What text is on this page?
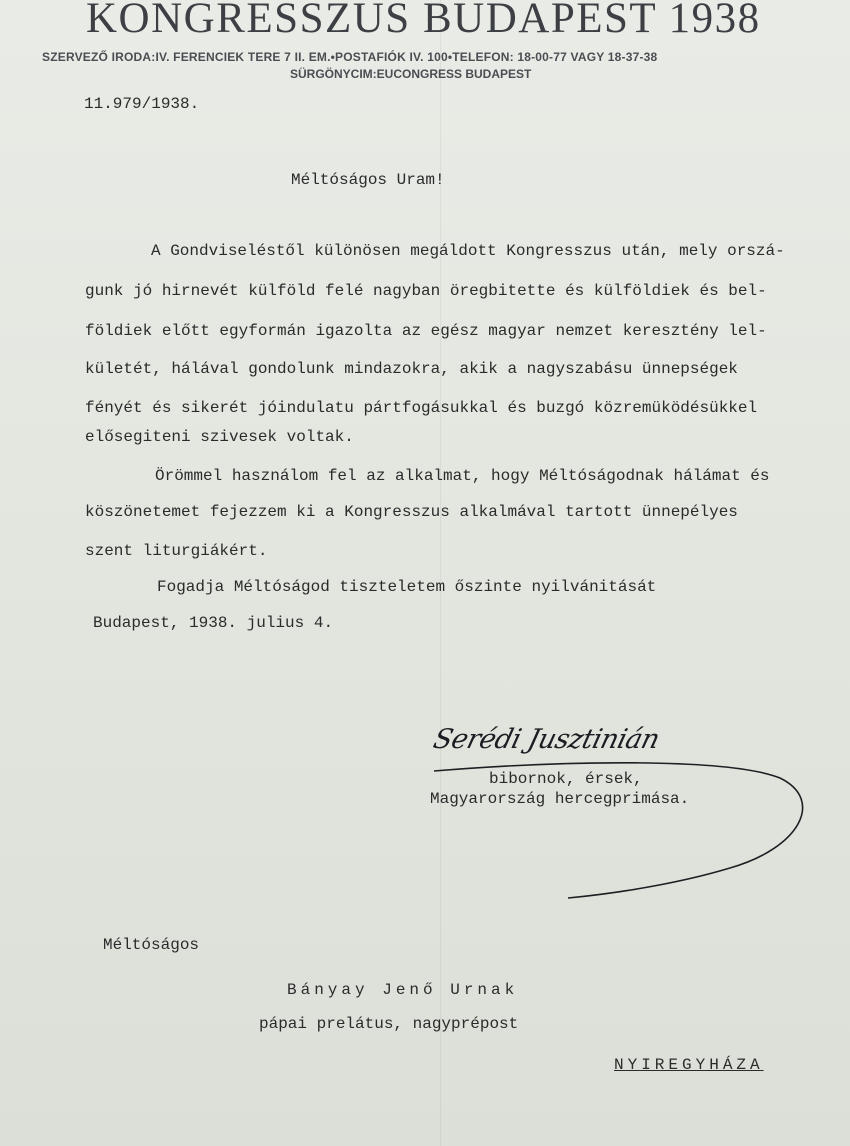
KONGRESSZUS BUDAPEST 1938
SZERVEZŐ IRODA:IV. FERENCIEK TERE 7 II. EM.•POSTAFIÓK IV. 100•TELEFON: 18-00-77 VAGY 18-37-38
SÜRGÖNYCIM:EUCONGRESS BUDAPEST
11.979/1938.
Méltóságos Uram!
A Gondviseléstől különösen megáldott Kongresszus után, mely orszá-
gunk jó hirnevét külföld felé nagyban öregbitette és külföldiek és bel-
földiek előtt egyformán igazolta az egész magyar nemzet keresztény lel-
kületét, hálával gondolunk mindazokra, akik a nagyszabásu ünnepségek
fényét és sikerét jóindulatu pártfogásukkal és buzgó közremüködésükkel
elősegiteni szivesek voltak.
Örömmel használom fel az alkalmat, hogy Méltóságodnak hálámat és
köszönetemet fejezzem ki a Kongresszus alkalmával tartott ünnepélyes
szent liturgiákért.
Fogadja Méltóságod tiszteletem őszinte nyilvánitását
Budapest, 1938. julius 4.
Serédi Jusztinián
bibornok, érsek,
Magyarország hercegprimása.
Méltóságos
Bányay Jenő Urnak
pápai prelátus, nagyprépost
NYIREGYHÁZA
